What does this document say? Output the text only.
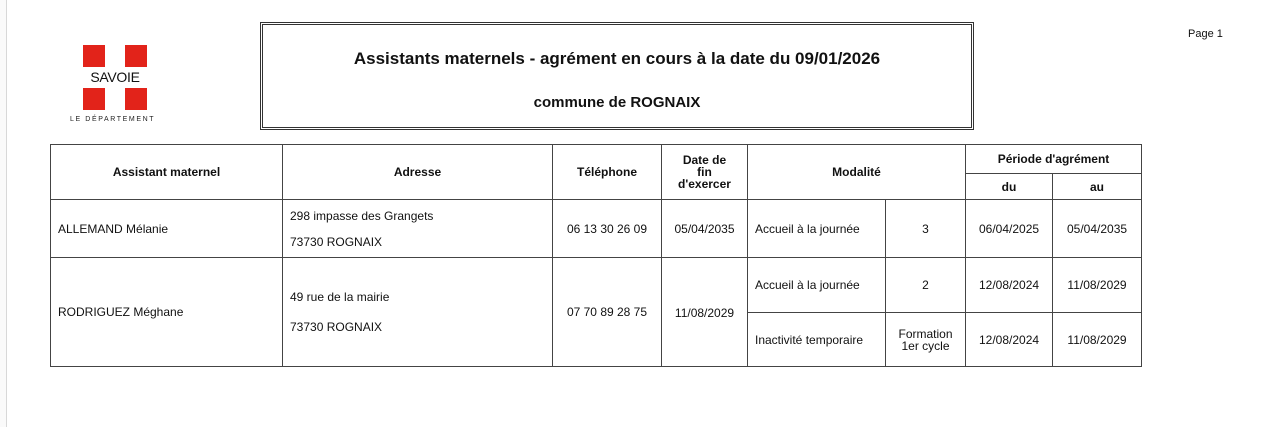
Page 1
SAVOIE
LE DÉPARTEMENT
Assistants maternels - agrément en cours à la date du 09/01/2026
commune de ROGNAIX
Assistant maternel	Adresse	Téléphone	Date de
fin
d'exercer	Modalité		Période d'agrément	
						du	au
ALLEMAND Mélanie	298 impasse des Grangets
73730 ROGNAIX	06 13 30 26 09	05/04/2035	Accueil à la journée	3	06/04/2025	05/04/2035
RODRIGUEZ Méghane	49 rue de la mairie
73730 ROGNAIX	07 70 89 28 75	11/08/2029	Accueil à la journée	2	12/08/2024	11/08/2029
				Inactivité temporaire	Formation
1er cycle	12/08/2024	11/08/2029
